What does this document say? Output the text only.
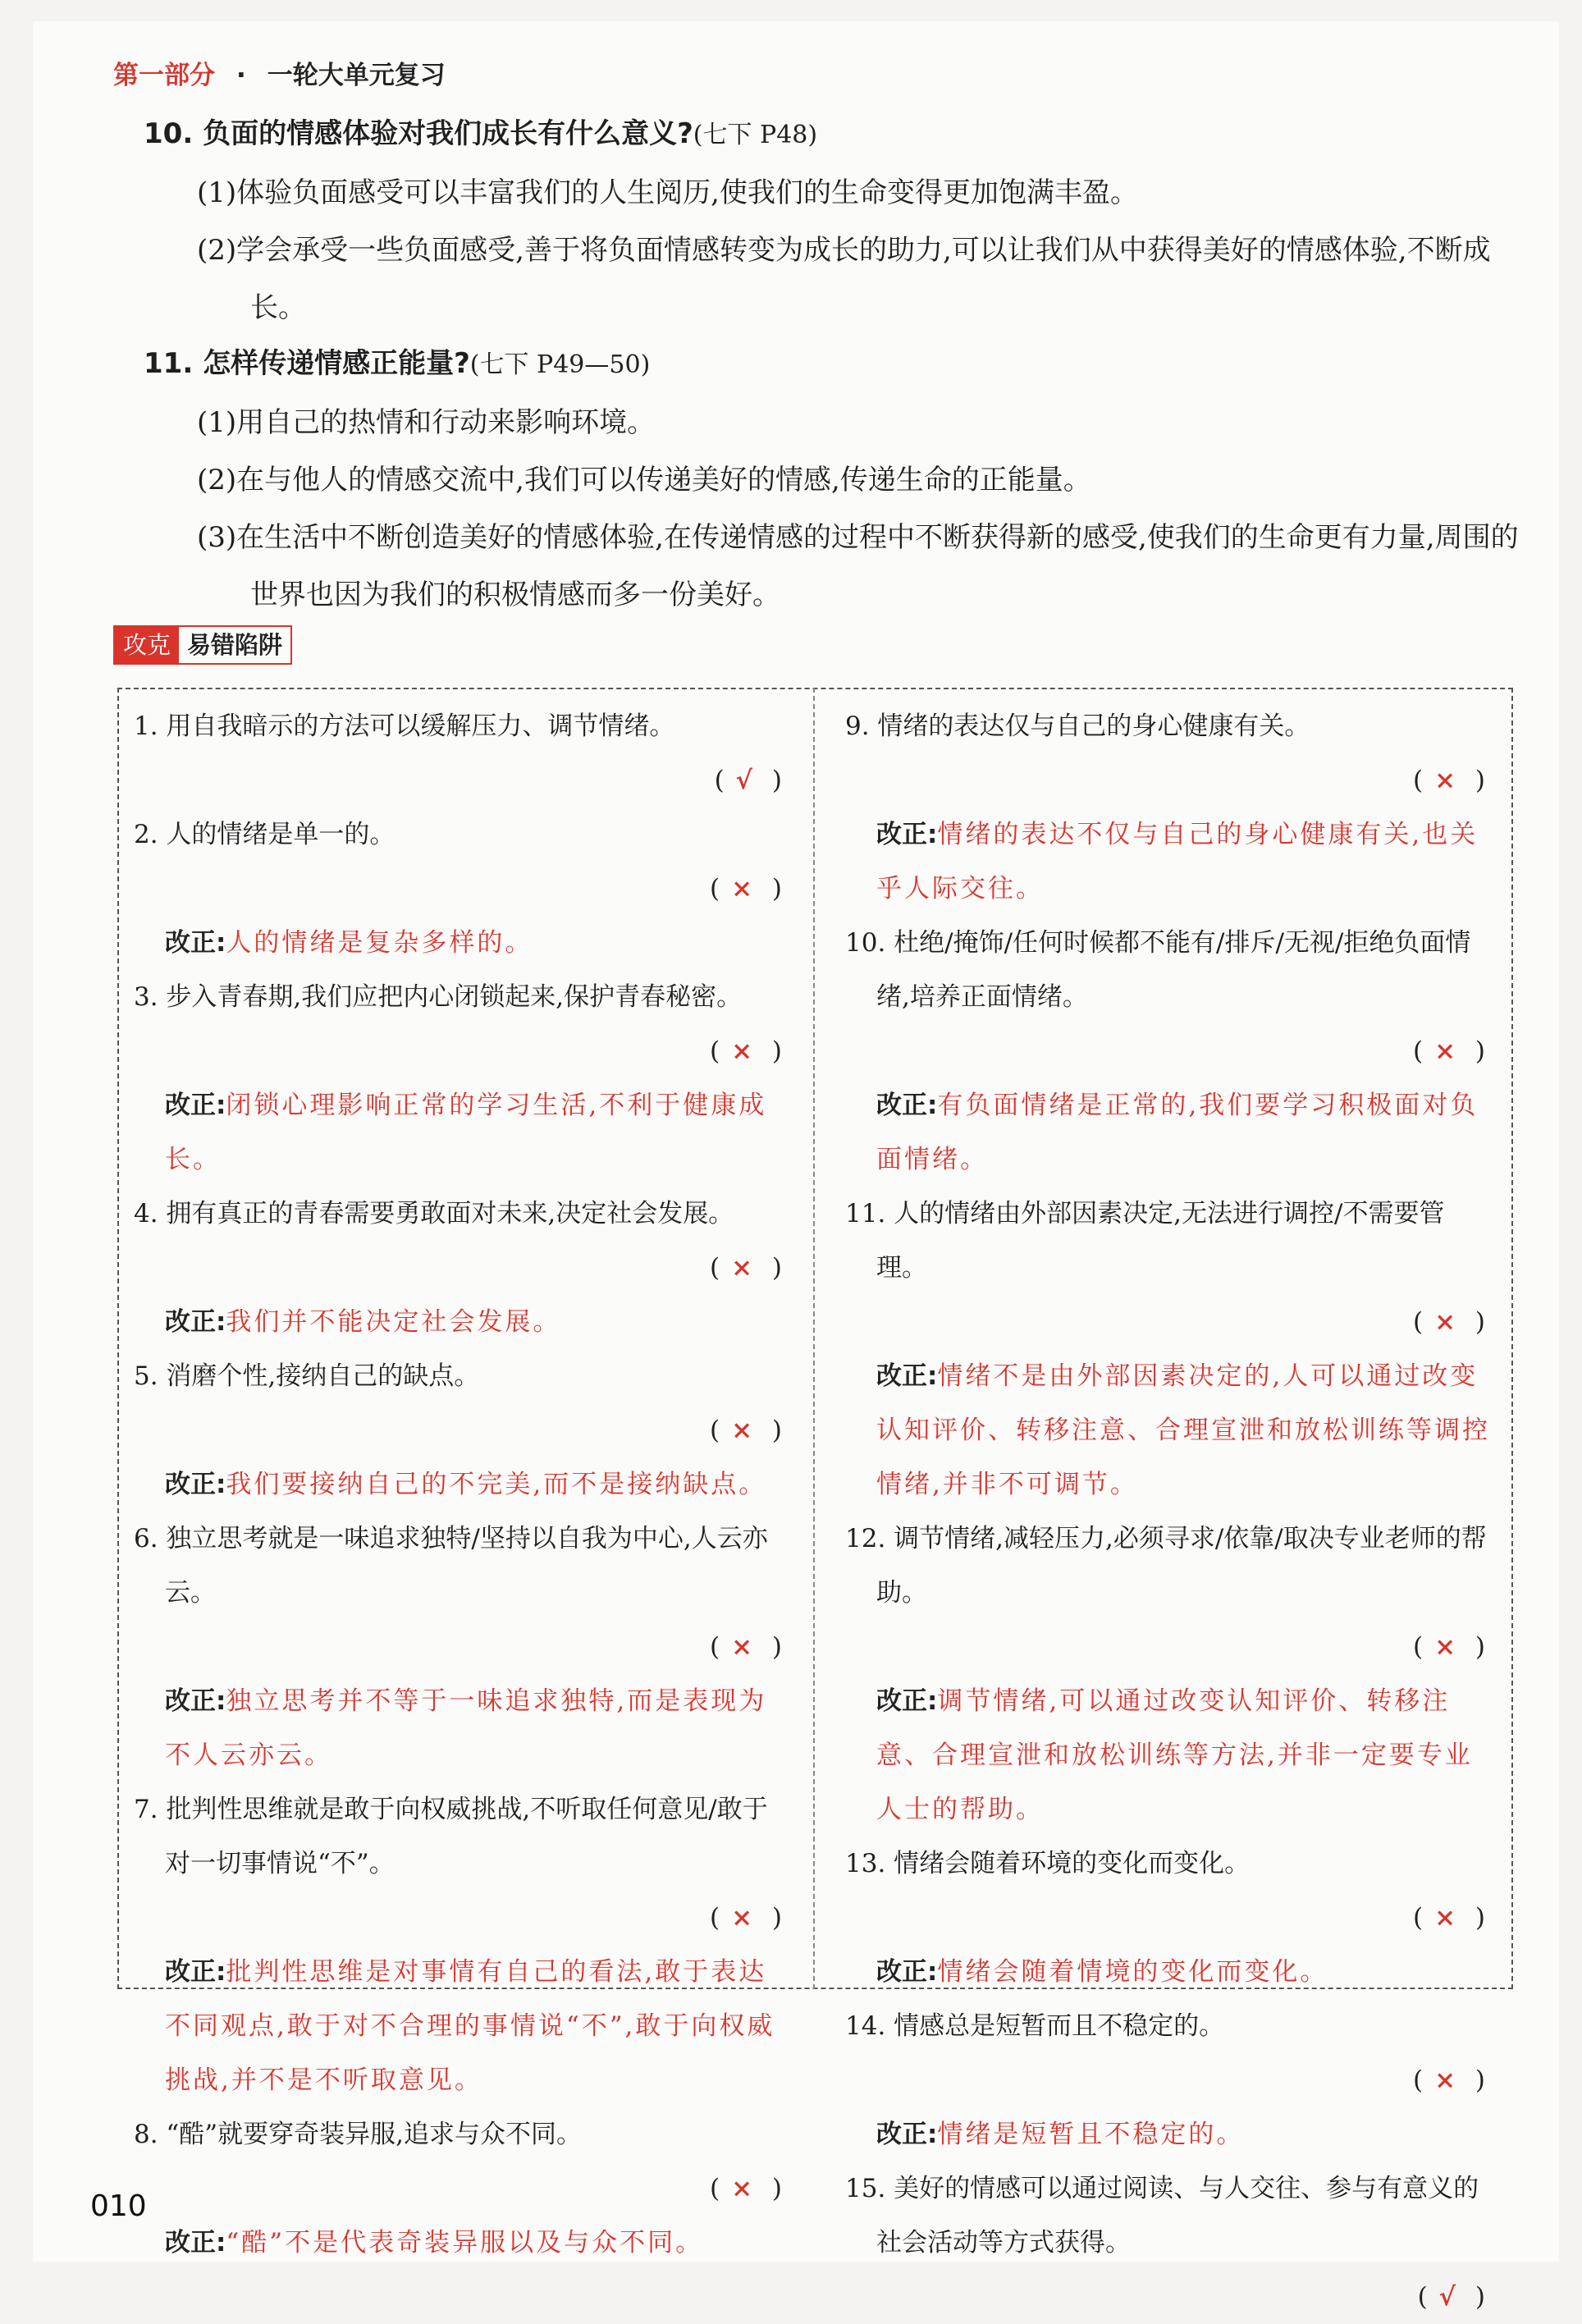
第一部分 · 一轮大单元复习
10. 负面的情感体验对我们成长有什么意义?(七下 P48)
(1)体验负面感受可以丰富我们的人生阅历,使我们的生命变得更加饱满丰盈。
(2)学会承受一些负面感受,善于将负面情感转变为成长的助力,可以让我们从中获得美好的情感体验,不断成长。
11. 怎样传递情感正能量?(七下 P49—50)
(1)用自己的热情和行动来影响环境。
(2)在与他人的情感交流中,我们可以传递美好的情感,传递生命的正能量。
(3)在生活中不断创造美好的情感体验,在传递情感的过程中不断获得新的感受,使我们的生命更有力量,周围的世界也因为我们的积极情感而多一份美好。
攻克 易错陷阱
1. 用自我暗示的方法可以缓解压力、调节情绪。
( √ )
2. 人的情绪是单一的。
( × )
改正:人的情绪是复杂多样的。
3. 步入青春期,我们应把内心闭锁起来,保护青春秘密。
( × )
改正:闭锁心理影响正常的学习生活,不利于健康成长。
4. 拥有真正的青春需要勇敢面对未来,决定社会发展。
( × )
改正:我们并不能决定社会发展。
5. 消磨个性,接纳自己的缺点。
( × )
改正:我们要接纳自己的不完美,而不是接纳缺点。
6. 独立思考就是一味追求独特/坚持以自我为中心,人云亦云。
( × )
改正:独立思考并不等于一味追求独特,而是表现为不人云亦云。
7. 批判性思维就是敢于向权威挑战,不听取任何意见/敢于对一切事情说“不”。
( × )
改正:批判性思维是对事情有自己的看法,敢于表达不同观点,敢于对不合理的事情说“不”,敢于向权威挑战,并不是不听取意见。
8. “酷”就要穿奇装异服,追求与众不同。
( × )
改正:“酷”不是代表奇装异服以及与众不同。
9. 情绪的表达仅与自己的身心健康有关。
( × )
改正:情绪的表达不仅与自己的身心健康有关,也关乎人际交往。
10. 杜绝/掩饰/任何时候都不能有/排斥/无视/拒绝负面情绪,培养正面情绪。
( × )
改正:有负面情绪是正常的,我们要学习积极面对负面情绪。
11. 人的情绪由外部因素决定,无法进行调控/不需要管理。
( × )
改正:情绪不是由外部因素决定的,人可以通过改变认知评价、转移注意、合理宣泄和放松训练等调控情绪,并非不可调节。
12. 调节情绪,减轻压力,必须寻求/依靠/取决专业老师的帮助。
( × )
改正:调节情绪,可以通过改变认知评价、转移注意、合理宣泄和放松训练等方法,并非一定要专业人士的帮助。
13. 情绪会随着环境的变化而变化。
( × )
改正:情绪会随着情境的变化而变化。
14. 情感总是短暂而且不稳定的。
( × )
改正:情绪是短暂且不稳定的。
15. 美好的情感可以通过阅读、与人交往、参与有意义的社会活动等方式获得。
( √ )
010
